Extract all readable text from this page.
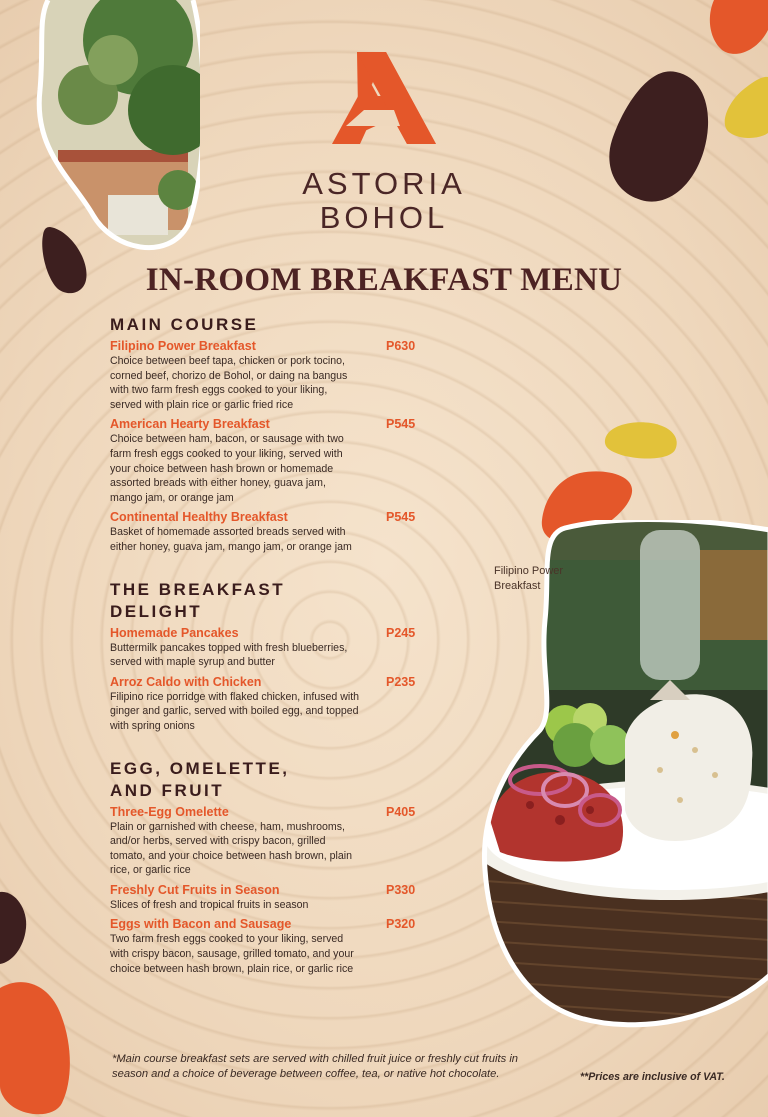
ASTORIA
BOHOL
IN-ROOM BREAKFAST MENU
MAIN COURSE
Filipino Power Breakfast	P630
Choice between beef tapa, chicken or pork tocino, corned beef, chorizo de Bohol, or daing na bangus with two farm fresh eggs cooked to your liking, served with plain rice or garlic fried rice
American Hearty Breakfast	P545
Choice between ham, bacon, or sausage with two farm fresh eggs cooked to your liking, served with your choice between hash brown or homemade assorted breads with either honey, guava jam, mango jam, or orange jam
Continental Healthy Breakfast	P545
Basket of homemade assorted breads served with either honey, guava jam, mango jam, or orange jam
THE BREAKFAST DELIGHT
Homemade Pancakes	P245
Buttermilk pancakes topped with fresh blueberries, served with maple syrup and butter
Arroz Caldo with Chicken	P235
Filipino rice porridge with flaked chicken, infused with ginger and garlic, served with boiled egg, and topped with spring onions
EGG, OMELETTE, AND FRUIT
Three-Egg Omelette	P405
Plain or garnished with cheese, ham, mushrooms, and/or herbs, served with crispy bacon, grilled tomato, and your choice between hash brown, plain rice, or garlic rice
Freshly Cut Fruits in Season	P330
Slices of fresh and tropical fruits in season
Eggs with Bacon and Sausage	P320
Two farm fresh eggs cooked to your liking, served with crispy bacon, sausage, grilled tomato, and your choice between hash brown, plain rice, or garlic rice
Filipino Power Breakfast
*Main course breakfast sets are served with chilled fruit juice or freshly cut fruits in season and a choice of beverage between coffee, tea, or native hot chocolate.	**Prices are inclusive of VAT.
